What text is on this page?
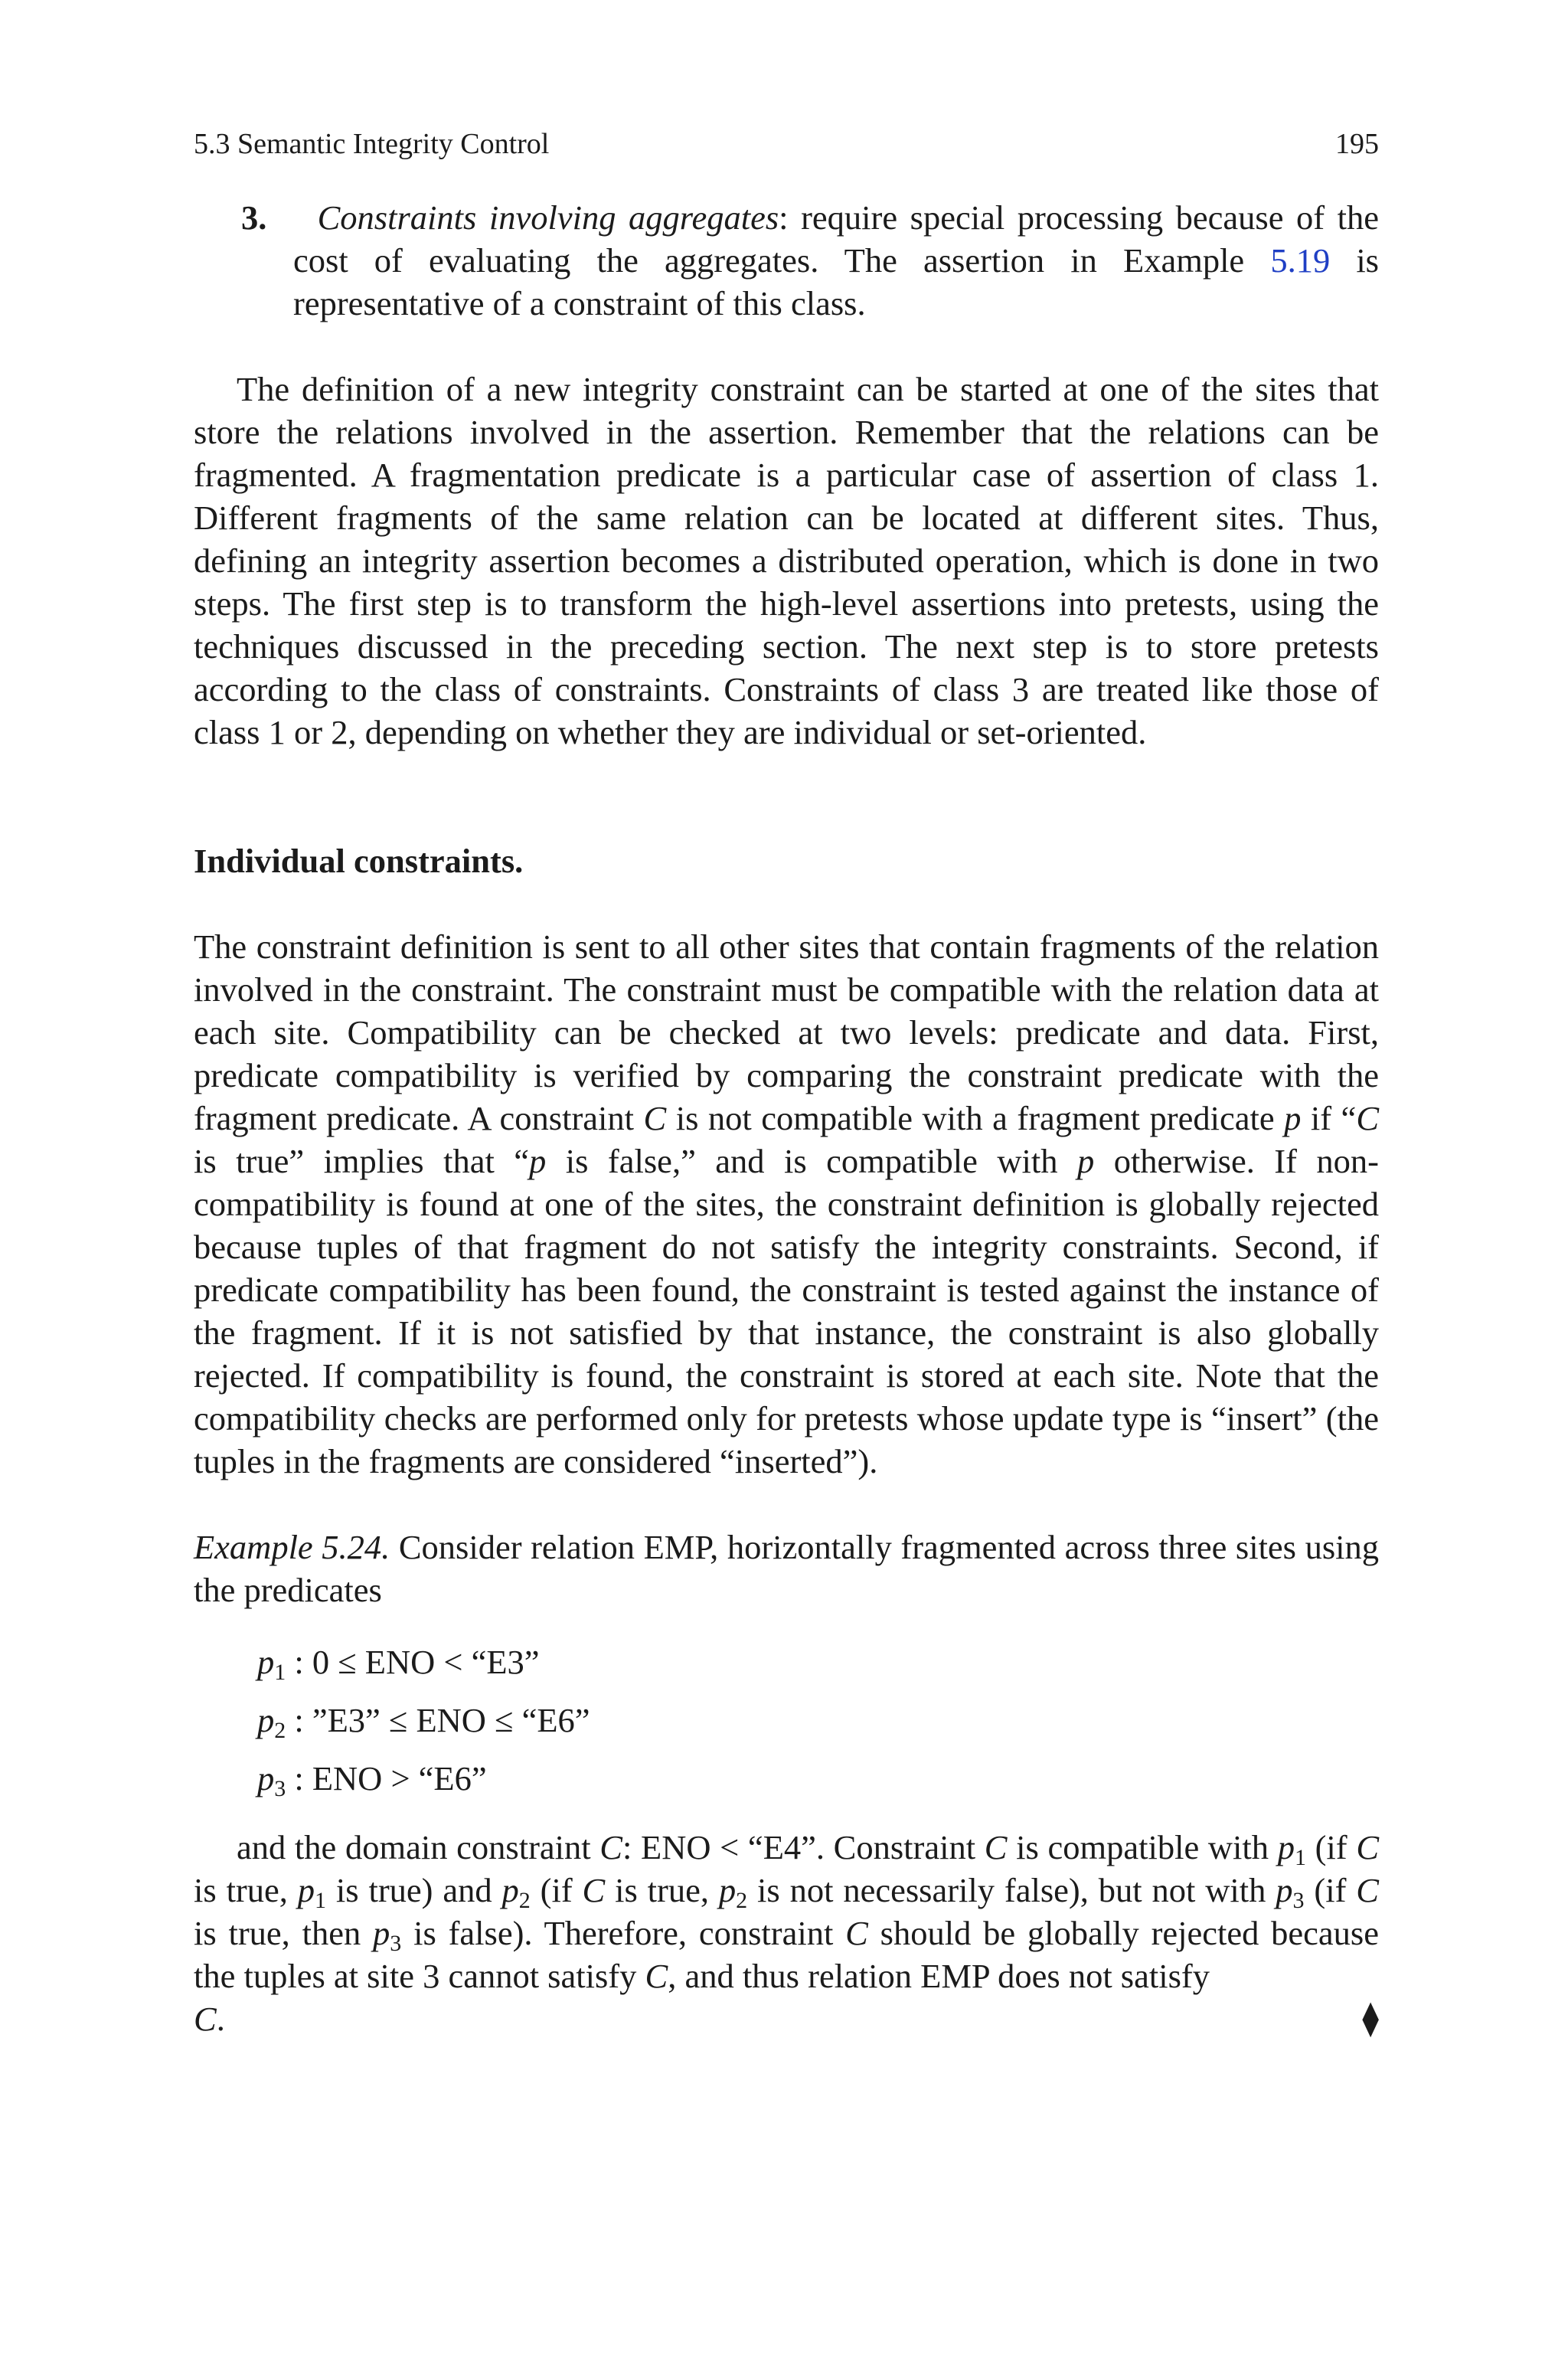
5.3 Semantic Integrity Control	195

3. Constraints involving aggregates: require special processing because of the cost of evaluating the aggregates. The assertion in Example 5.19 is representative of a constraint of this class.

The definition of a new integrity constraint can be started at one of the sites that store the relations involved in the assertion. Remember that the relations can be fragmented. A fragmentation predicate is a particular case of assertion of class 1. Different fragments of the same relation can be located at different sites. Thus, defining an integrity assertion becomes a distributed operation, which is done in two steps. The first step is to transform the high-level assertions into pretests, using the techniques discussed in the preceding section. The next step is to store pretests according to the class of constraints. Constraints of class 3 are treated like those of class 1 or 2, depending on whether they are individual or set-oriented.

Individual constraints.

The constraint definition is sent to all other sites that contain fragments of the relation involved in the constraint. The constraint must be compatible with the relation data at each site. Compatibility can be checked at two levels: predicate and data. First, predicate compatibility is verified by comparing the constraint predicate with the fragment predicate. A constraint C is not compatible with a fragment predicate p if “C is true” implies that “p is false,” and is compatible with p otherwise. If non-compatibility is found at one of the sites, the constraint definition is globally rejected because tuples of that fragment do not satisfy the integrity constraints. Second, if predicate compatibility has been found, the constraint is tested against the instance of the fragment. If it is not satisfied by that instance, the constraint is also globally rejected. If compatibility is found, the constraint is stored at each site. Note that the compatibility checks are performed only for pretests whose update type is “insert” (the tuples in the fragments are considered “inserted”).

Example 5.24. Consider relation EMP, horizontally fragmented across three sites using the predicates

$p_1$ : 0 ≤ ENO < “E3”
$p_2$ : ”E3” ≤ ENO ≤ “E6”
$p_3$ : ENO > “E6”

and the domain constraint C: ENO < “E4”. Constraint C is compatible with $p_1$ (if C is true, $p_1$ is true) and $p_2$ (if C is true, $p_2$ is not necessarily false), but not with $p_3$ (if C is true, then $p_3$ is false). Therefore, constraint C should be globally rejected because the tuples at site 3 cannot satisfy C, and thus relation EMP does not satisfy

C.	⧫
